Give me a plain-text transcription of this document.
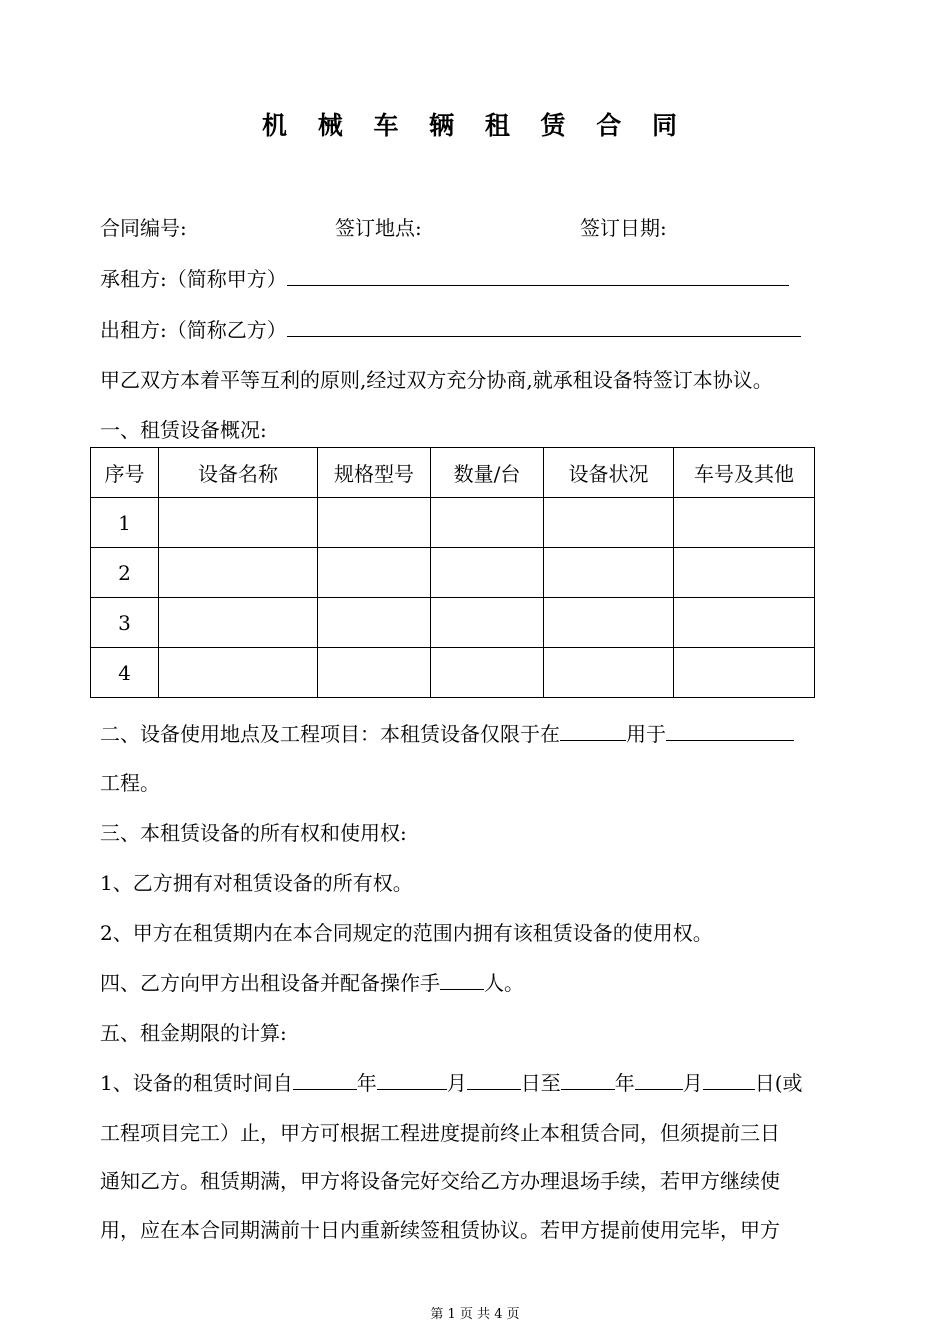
机 械 车 辆 租 赁 合 同
合同编号:	签订地点:	签订日期:
承租方:（简称甲方）
出租方:（简称乙方）
甲乙双方本着平等互利的原则,经过双方充分协商,就承租设备特签订本协议。
一、租赁设备概况:
序号	设备名称	规格型号	数量/台	设备状况	车号及其他
1					
2					
3					
4					
二、设备使用地点及工程项目：本租赁设备仅限于在	用于
工程。
三、本租赁设备的所有权和使用权:
1、乙方拥有对租赁设备的所有权。
2、甲方在租赁期内在本合同规定的范围内拥有该租赁设备的使用权。
四、乙方向甲方出租设备并配备操作手 人。
五、租金期限的计算:
1、设备的租赁时间自	年	月	日至	年 月	日(或
工程项目完工）止，甲方可根据工程进度提前终止本租赁合同，但须提前三日
通知乙方。租赁期满，甲方将设备完好交给乙方办理退场手续，若甲方继续使
用，应在本合同期满前十日内重新续签租赁协议。若甲方提前使用完毕，甲方
第 1 页 共 4 页
